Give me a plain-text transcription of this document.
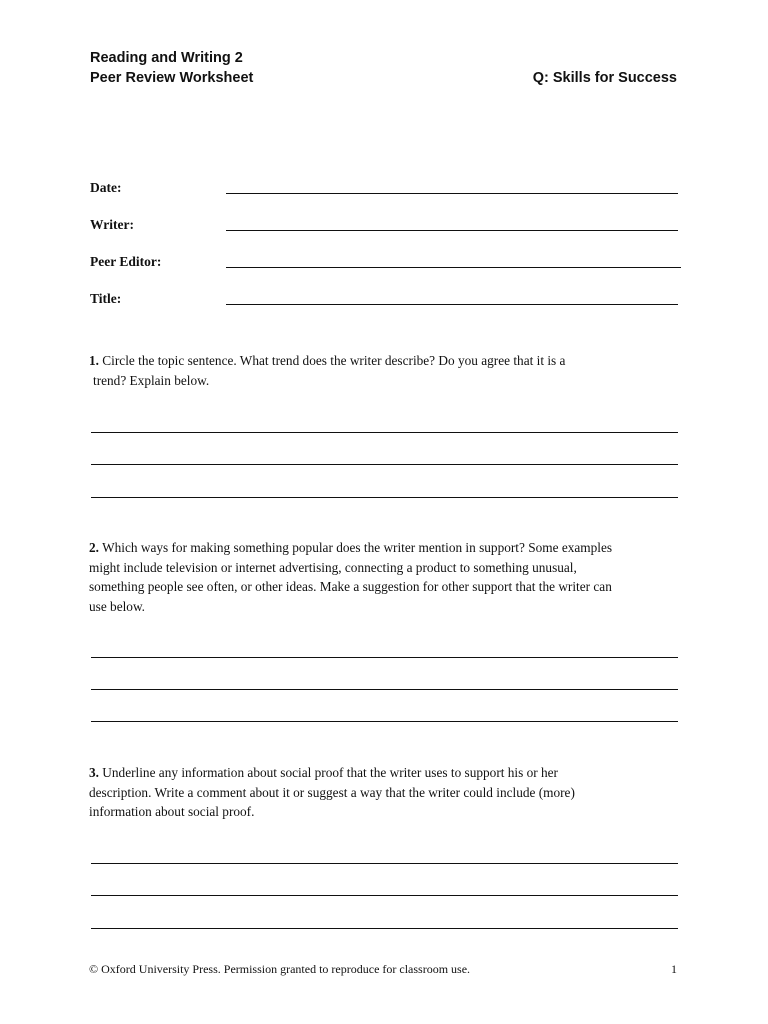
Reading and Writing 2
Peer Review Worksheet	Q: Skills for Success
Date:
Writer:
Peer Editor:
Title:
1. Circle the topic sentence. What trend does the writer describe? Do you agree that it is a
trend? Explain below.
2. Which ways for making something popular does the writer mention in support? Some examples
might include television or internet advertising, connecting a product to something unusual,
something people see often, or other ideas. Make a suggestion for other support that the writer can
use below.
3. Underline any information about social proof that the writer uses to support his or her
description. Write a comment about it or suggest a way that the writer could include (more)
information about social proof.
© Oxford University Press. Permission granted to reproduce for classroom use.	1
